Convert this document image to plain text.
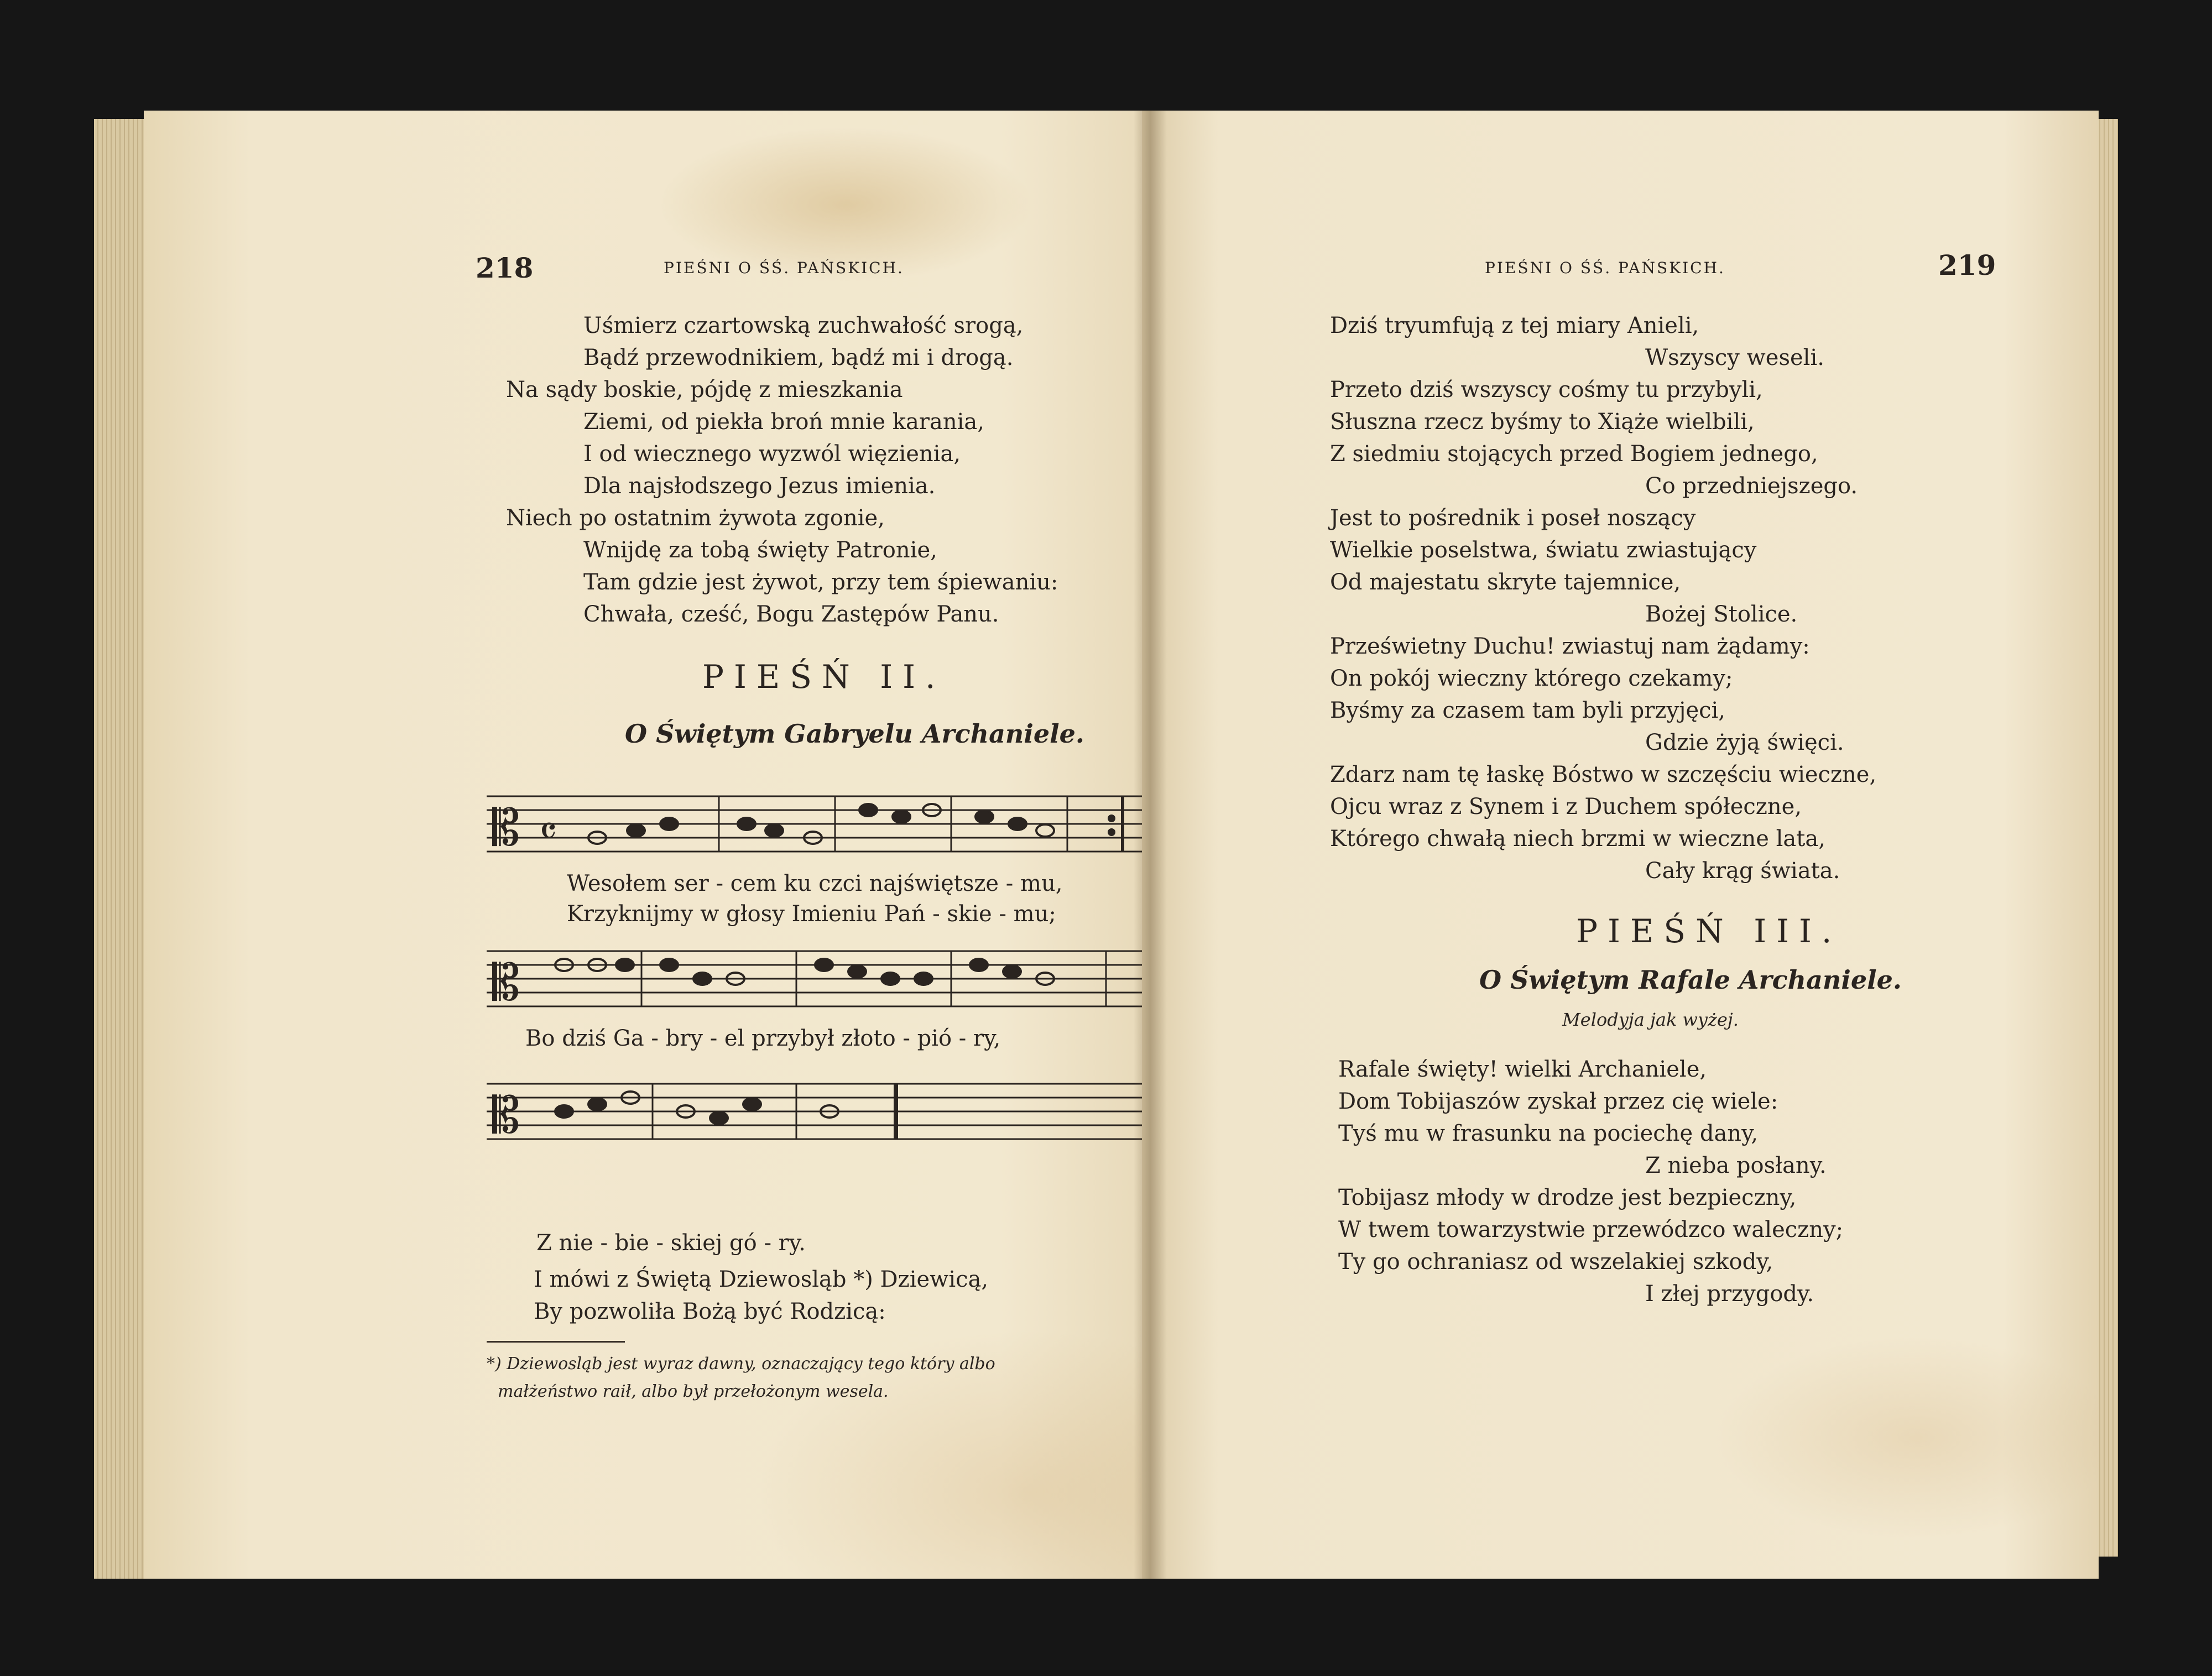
218	PIEŚNI O ŚŚ. PAŃSKICH.
Uśmierz czartowską zuchwałość srogą,
Bądź przewodnikiem, bądź mi i drogą.
Na sądy boskie, pójdę z mieszkania
Ziemi, od piekła broń mnie karania,
I od wiecznego wyzwól więzienia,
Dla najsłodszego Jezus imienia.
Niech po ostatnim żywota zgonie,
Wnijdę za tobą święty Patronie,
Tam gdzie jest żywot, przy tem śpiewaniu:
Chwała, cześć, Bogu Zastępów Panu.
PIEŚŃ II.
O Świętym Gabryelu Archaniele.
𝄡 𝄴
Wesołem ser - cem ku czci najświętsze - mu,
Krzyknijmy w głosy Imieniu Pań - skie - mu;
𝄡
Bo dziś Ga - bry - el przybył złoto - pió - ry,
𝄡
Z nie - bie - skiej gó - ry.
I mówi z Świętą Dziewosląb *) Dziewicą,
By pozwoliła Bożą być Rodzicą:
*) Dziewosląb jest wyraz dawny, oznaczający tego który albo
małżeństwo raił, albo był przełożonym wesela.
PIEŚNI O ŚŚ. PAŃSKICH.	219
Dziś tryumfują z tej miary Anieli,
Wszyscy weseli.
Przeto dziś wszyscy cośmy tu przybyli,
Słuszna rzecz byśmy to Xiąże wielbili,
Z siedmiu stojących przed Bogiem jednego,
Co przedniejszego.
Jest to pośrednik i poseł noszący
Wielkie poselstwa, światu zwiastujący
Od majestatu skryte tajemnice,
Bożej Stolice.
Prześwietny Duchu! zwiastuj nam żądamy:
On pokój wieczny którego czekamy;
Byśmy za czasem tam byli przyjęci,
Gdzie żyją święci.
Zdarz nam tę łaskę Bóstwo w szczęściu wieczne,
Ojcu wraz z Synem i z Duchem spółeczne,
Którego chwałą niech brzmi w wieczne lata,
Cały krąg świata.
PIEŚŃ III.
O Świętym Rafale Archaniele.
Melodyja jak wyżej.
Rafale święty! wielki Archaniele,
Dom Tobijaszów zyskał przez cię wiele:
Tyś mu w frasunku na pociechę dany,
Z nieba posłany.
Tobijasz młody w drodze jest bezpieczny,
W twem towarzystwie przewódzco waleczny;
Ty go ochraniasz od wszelakiej szkody,
I złej przygody.
